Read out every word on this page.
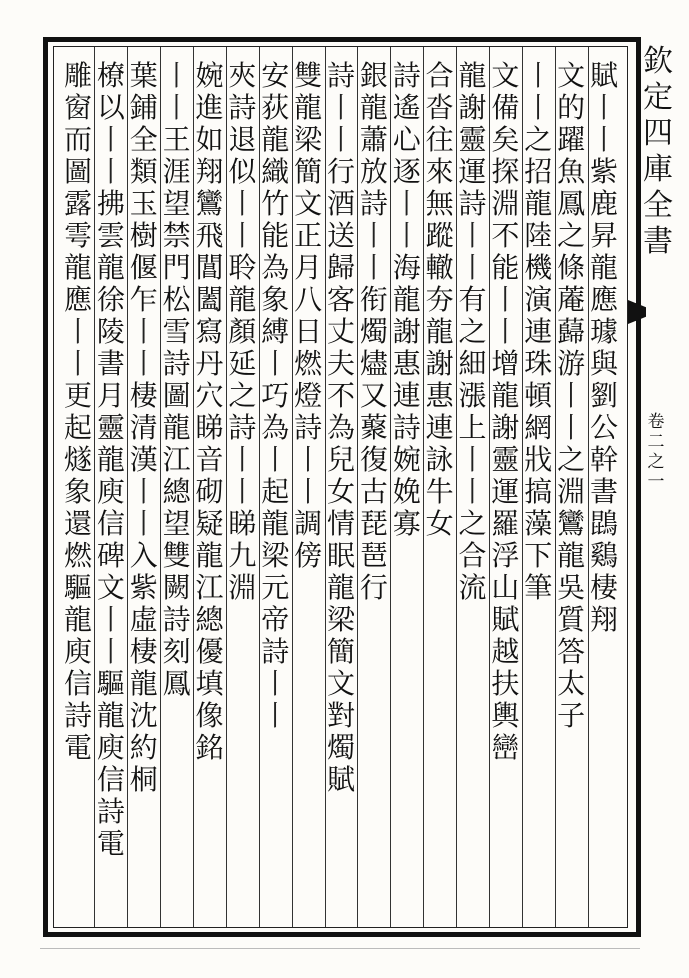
欽
定
四
庫
全
書
卷
二
之
一
賦
丨
丨
紫
鹿
昇
龍
應
璩
與
劉
公
幹
書
鵾
鷄
棲
翔
文
的
躍
魚
鳳
之
條
蓭
蘬
游
丨
丨
之
淵
鸞
龍
吳
質
答
太
子
丨
丨
之
招
龍
陸
機
演
連
珠
頓
網
戕
搞
藻
下
筆
文
備
矣
探
淵
不
能
丨
丨
增
龍
謝
靈
運
羅
浮
山
賦
越
扶
輿
巒
龍
謝
靈
運
詩
丨
丨
有
之
細
漲
上
丨
丨
之
合
流
合
沓
往
來
無
蹤
轍
夯
龍
謝
惠
連
詠
牛
女
詩
遙
心
逐
丨
丨
海
龍
謝
惠
連
詩
婉
娩
寡
銀
龍
蕭
放
詩
丨
丨
衔
燭
燼
又
藂
復
古
琵
琶
行
詩
丨
丨
行
酒
送
歸
客
丈
夫
不
為
兒
女
情
眠
龍
梁
簡
文
對
燭
賦
雙
龍
梁
簡
文
正
月
八
日
燃
燈
詩
丨
丨
調
傍
安
荻
龍
織
竹
能
為
象
縛
丨
巧
為
丨
起
龍
梁
元
帝
詩
丨
丨
夾
詩
退
似
丨
丨
聆
龍
顏
延
之
詩
丨
丨
睇
九
淵
婉
進
如
翔
鸞
飛
閶
闔
寫
丹
穴
睇
音
砌
疑
龍
江
總
優
填
像
銘
丨
丨
王
涯
望
禁
門
松
雪
詩
圖
龍
江
總
望
雙
闕
詩
刻
鳳
葉
鋪
全
類
玉
樹
偃
乍
丨
丨
棲
清
漢
丨
丨
入
紫
虛
棲
龍
沈
約
桐
橑
以
丨
丨
拂
雲
龍
徐
陵
書
月
靈
龍
庾
信
碑
文
丨
丨
驅
龍
庾
信
詩
電
雕
窗
而
圖
露
雩
龍
應
丨
丨
更
起
燧
象
還
燃
驅
龍
庾
信
詩
電
